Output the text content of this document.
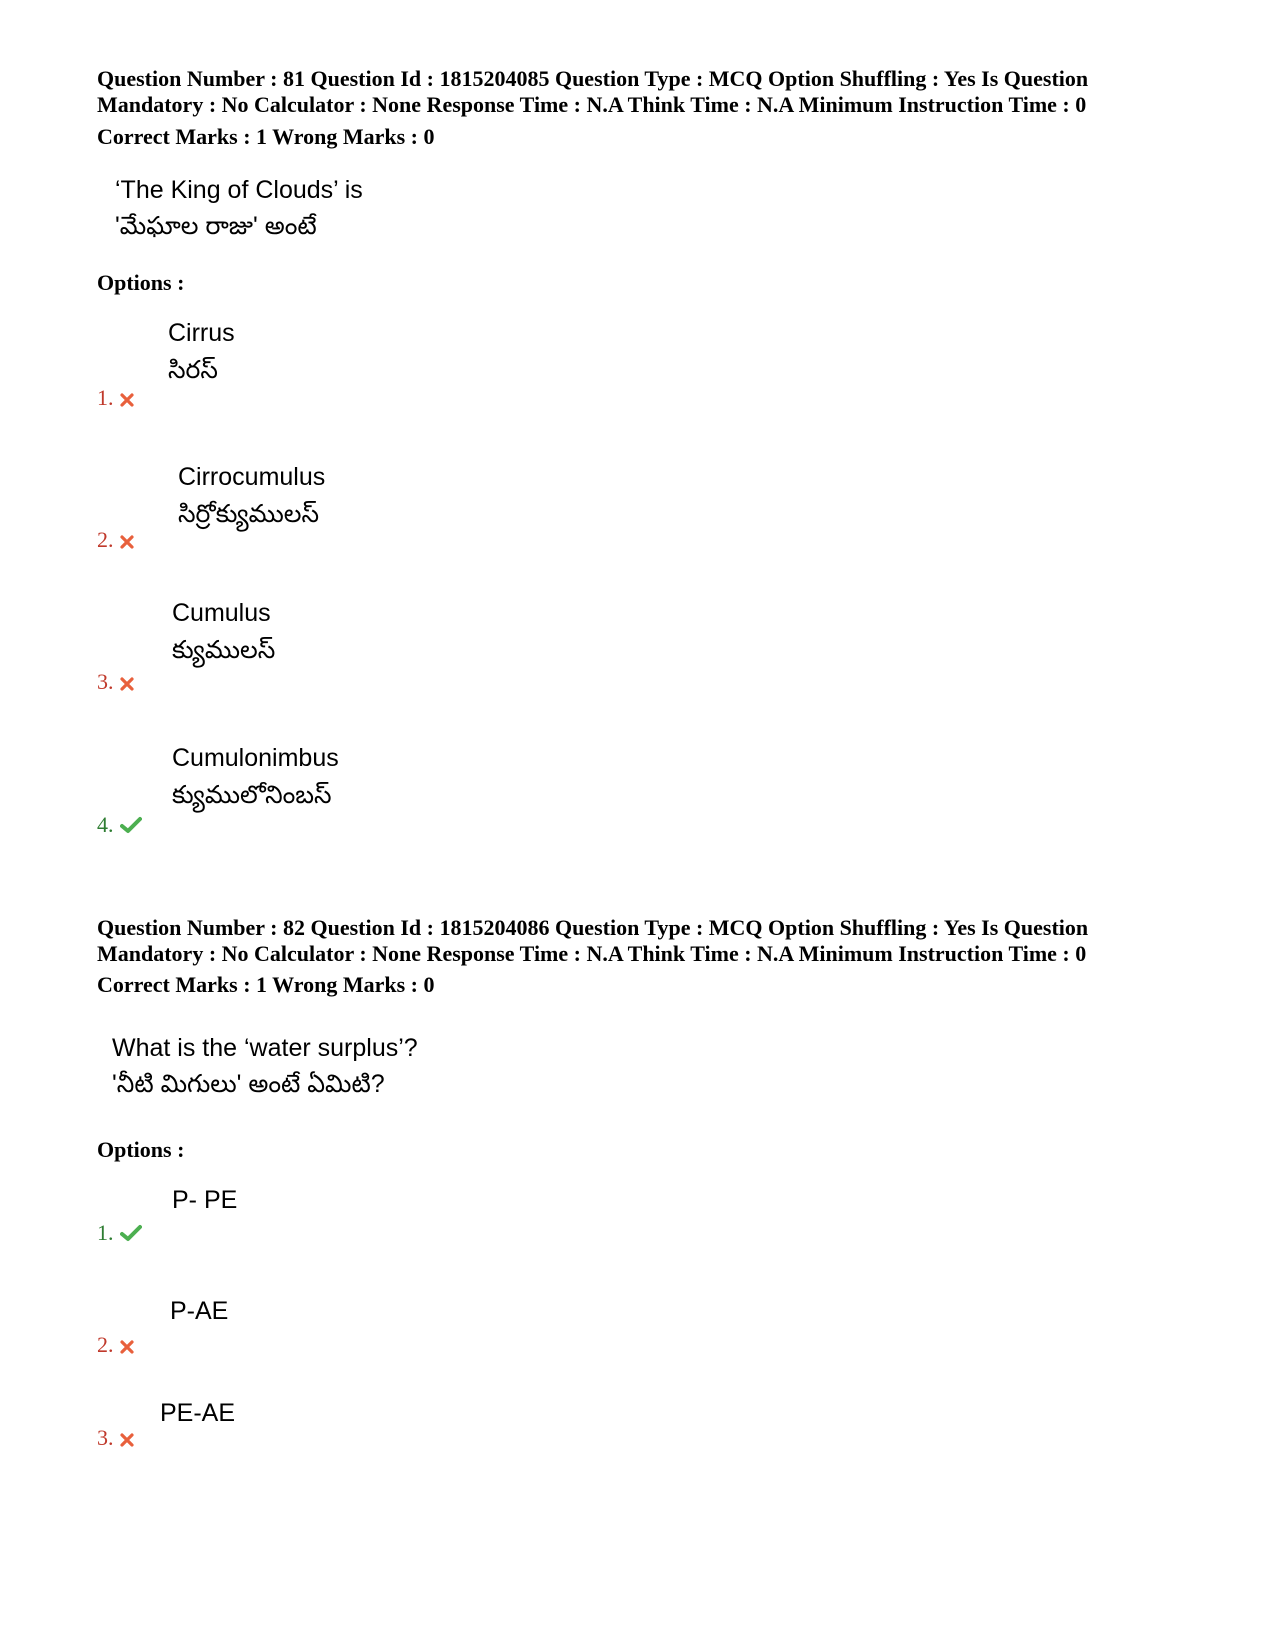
Question Number : 81 Question Id : 1815204085 Question Type : MCQ Option Shuffling : Yes Is Question
Mandatory : No Calculator : None Response Time : N.A Think Time : N.A Minimum Instruction Time : 0
Correct Marks : 1 Wrong Marks : 0
‘The King of Clouds’ is
'మేఘాల రాజు' అంటే
Options :
Cirrus
సిరస్
1.
Cirrocumulus
సిర్రోక్యుములస్
2.
Cumulus
క్యుములస్
3.
Cumulonimbus
క్యుములోనింబస్
4.
Question Number : 82 Question Id : 1815204086 Question Type : MCQ Option Shuffling : Yes Is Question
Mandatory : No Calculator : None Response Time : N.A Think Time : N.A Minimum Instruction Time : 0
Correct Marks : 1 Wrong Marks : 0
What is the ‘water surplus’?
'నీటి మిగులు' అంటే ఏమిటి?
Options :
P- PE
1.
P-AE
2.
PE-AE
3.
